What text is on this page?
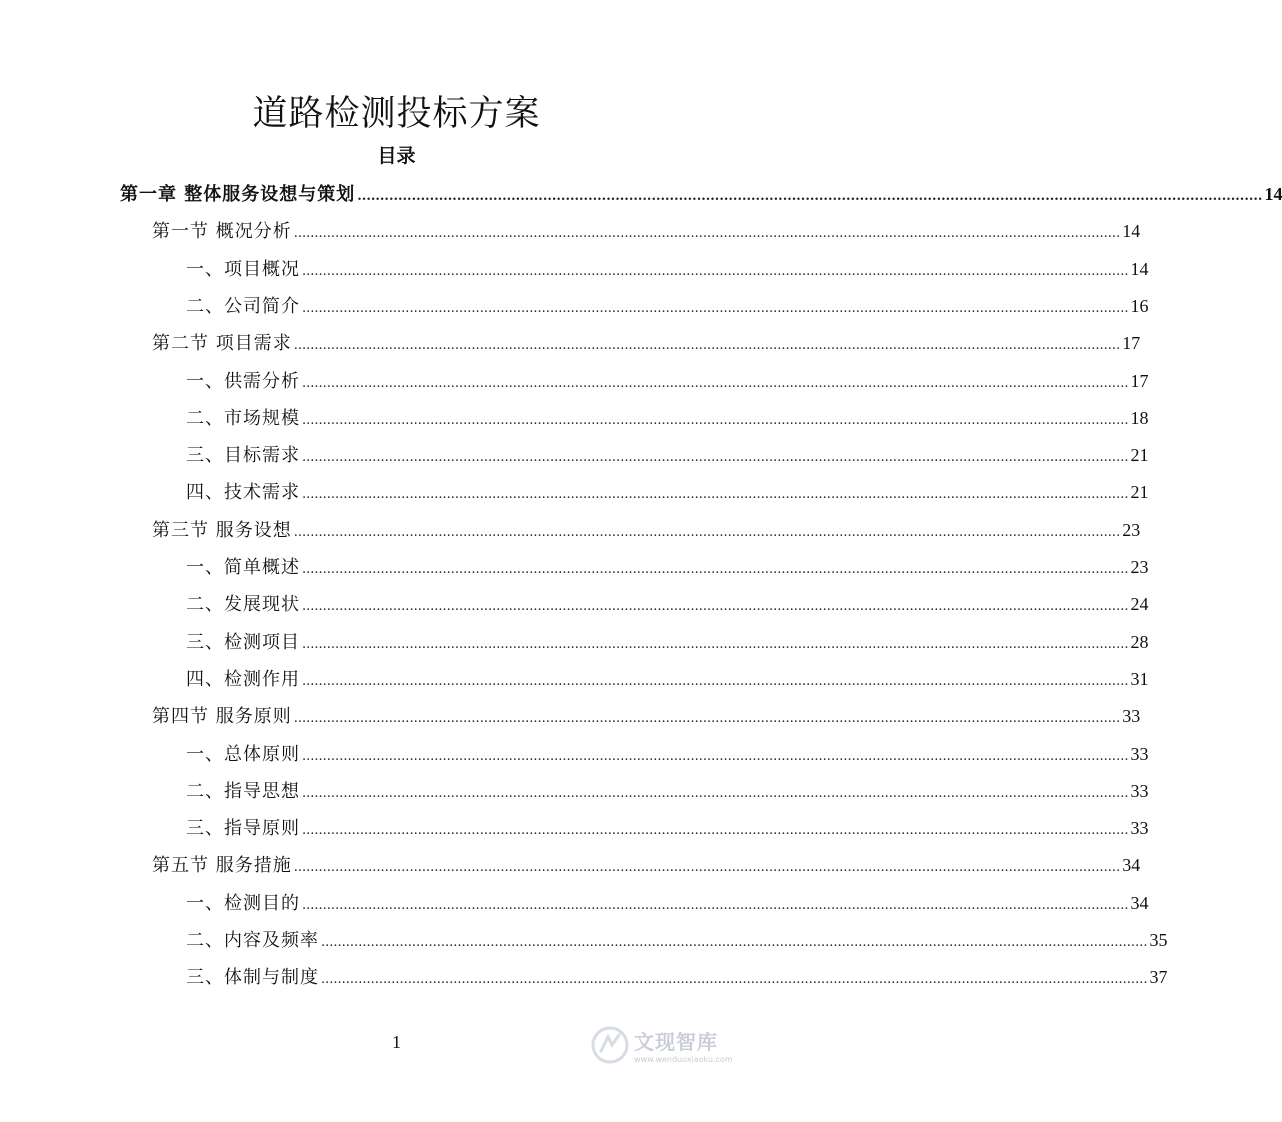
道路检测投标方案
目录
第一章 整体服务设想与策划 ........................................................................................................................................................................................................ 14
第一节 概况分析 ........................................................................................................................................................................................................ 14
一、项目概况 ........................................................................................................................................................................................................ 14
二、公司简介 ........................................................................................................................................................................................................ 16
第二节 项目需求 ........................................................................................................................................................................................................ 17
一、供需分析 ........................................................................................................................................................................................................ 17
二、市场规模 ........................................................................................................................................................................................................ 18
三、目标需求 ........................................................................................................................................................................................................ 21
四、技术需求 ........................................................................................................................................................................................................ 21
第三节 服务设想 ........................................................................................................................................................................................................ 23
一、简单概述 ........................................................................................................................................................................................................ 23
二、发展现状 ........................................................................................................................................................................................................ 24
三、检测项目 ........................................................................................................................................................................................................ 28
四、检测作用 ........................................................................................................................................................................................................ 31
第四节 服务原则 ........................................................................................................................................................................................................ 33
一、总体原则 ........................................................................................................................................................................................................ 33
二、指导思想 ........................................................................................................................................................................................................ 33
三、指导原则 ........................................................................................................................................................................................................ 33
第五节 服务措施 ........................................................................................................................................................................................................ 34
一、检测目的 ........................................................................................................................................................................................................ 34
二、内容及频率 ........................................................................................................................................................................................................ 35
三、体制与制度 ........................................................................................................................................................................................................ 37
1	文现智库
www.wenduoxiaoku.com
